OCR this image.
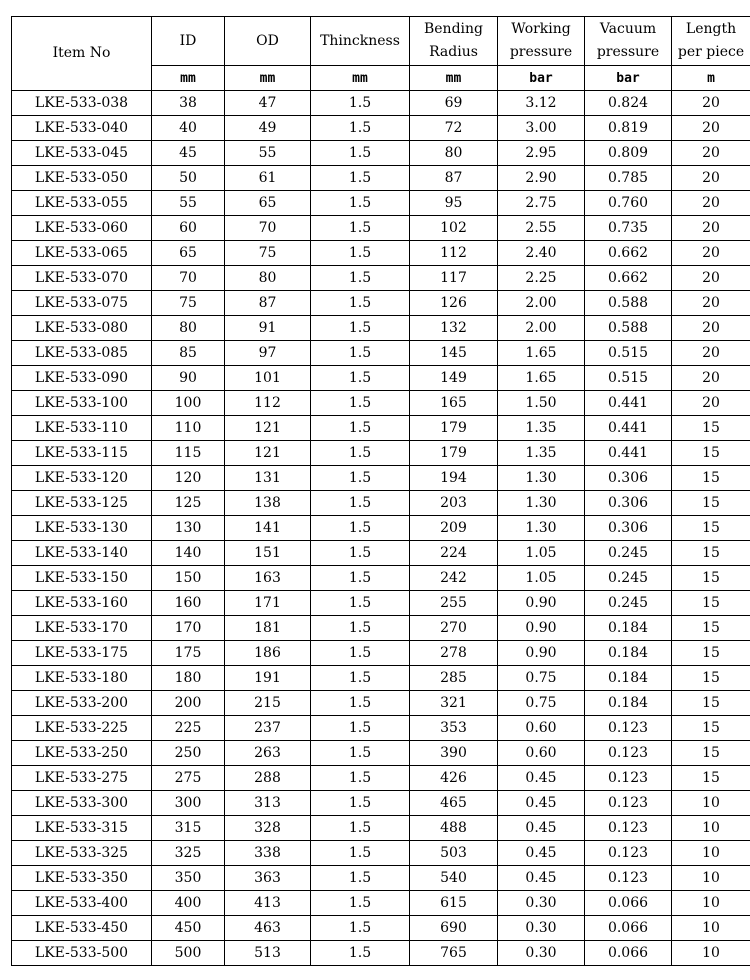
Item No	ID	OD	Thinckness	Bending Radius	Working pressure	Vacuum pressure	Length per piece
	mm	mm	mm	mm	bar	bar	m
LKE-533-038	38	47	1.5	69	3.12	0.824	20
LKE-533-040	40	49	1.5	72	3.00	0.819	20
LKE-533-045	45	55	1.5	80	2.95	0.809	20
LKE-533-050	50	61	1.5	87	2.90	0.785	20
LKE-533-055	55	65	1.5	95	2.75	0.760	20
LKE-533-060	60	70	1.5	102	2.55	0.735	20
LKE-533-065	65	75	1.5	112	2.40	0.662	20
LKE-533-070	70	80	1.5	117	2.25	0.662	20
LKE-533-075	75	87	1.5	126	2.00	0.588	20
LKE-533-080	80	91	1.5	132	2.00	0.588	20
LKE-533-085	85	97	1.5	145	1.65	0.515	20
LKE-533-090	90	101	1.5	149	1.65	0.515	20
LKE-533-100	100	112	1.5	165	1.50	0.441	20
LKE-533-110	110	121	1.5	179	1.35	0.441	15
LKE-533-115	115	121	1.5	179	1.35	0.441	15
LKE-533-120	120	131	1.5	194	1.30	0.306	15
LKE-533-125	125	138	1.5	203	1.30	0.306	15
LKE-533-130	130	141	1.5	209	1.30	0.306	15
LKE-533-140	140	151	1.5	224	1.05	0.245	15
LKE-533-150	150	163	1.5	242	1.05	0.245	15
LKE-533-160	160	171	1.5	255	0.90	0.245	15
LKE-533-170	170	181	1.5	270	0.90	0.184	15
LKE-533-175	175	186	1.5	278	0.90	0.184	15
LKE-533-180	180	191	1.5	285	0.75	0.184	15
LKE-533-200	200	215	1.5	321	0.75	0.184	15
LKE-533-225	225	237	1.5	353	0.60	0.123	15
LKE-533-250	250	263	1.5	390	0.60	0.123	15
LKE-533-275	275	288	1.5	426	0.45	0.123	15
LKE-533-300	300	313	1.5	465	0.45	0.123	10
LKE-533-315	315	328	1.5	488	0.45	0.123	10
LKE-533-325	325	338	1.5	503	0.45	0.123	10
LKE-533-350	350	363	1.5	540	0.45	0.123	10
LKE-533-400	400	413	1.5	615	0.30	0.066	10
LKE-533-450	450	463	1.5	690	0.30	0.066	10
LKE-533-500	500	513	1.5	765	0.30	0.066	10
